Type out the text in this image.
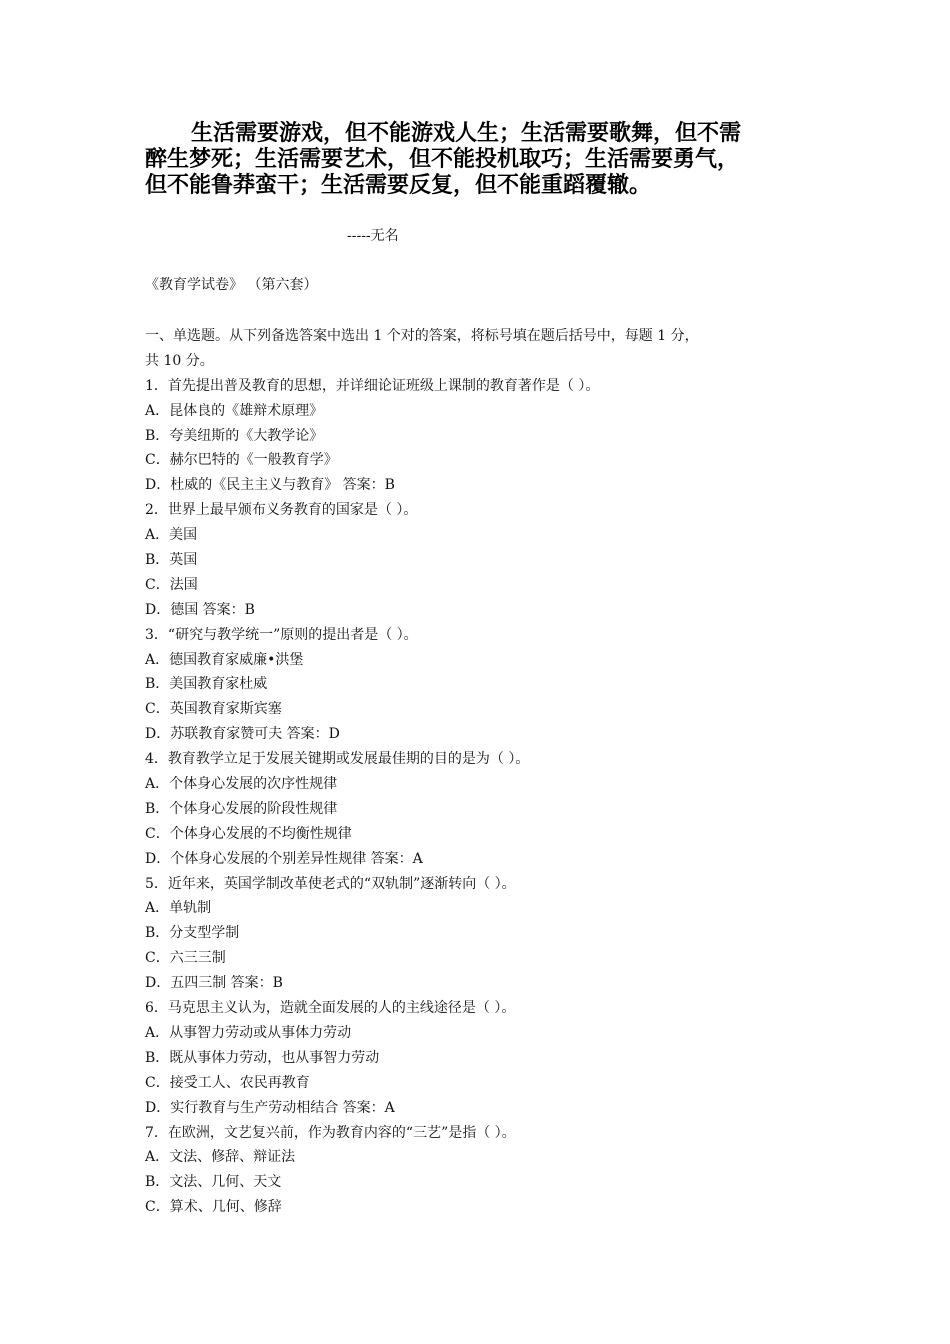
生活需要游戏，但不能游戏人生；生活需要歌舞，但不需
醉生梦死；生活需要艺术，但不能投机取巧；生活需要勇气，
但不能鲁莽蛮干；生活需要反复，但不能重蹈覆辙。
-----无名
《教育学试卷》 （第六套）
一、单选题。从下列备选答案中选出 1 个对的答案，将标号填在题后括号中，每题 1 分，
共 10 分。
1．首先提出普及教育的思想，并详细论证班级上课制的教育著作是（ ）。
A．昆体良的《雄辩术原理》
B．夸美纽斯的《大教学论》
C．赫尔巴特的《一般教育学》
D．杜威的《民主主义与教育》 答案：B
2．世界上最早颁布义务教育的国家是（ ）。
A．美国
B．英国
C．法国
D．德国 答案：B
3．“研究与教学统一”原则的提出者是（ ）。
A．德国教育家威廉•洪堡
B．美国教育家杜威
C．英国教育家斯宾塞
D．苏联教育家赞可夫 答案：D
4．教育教学立足于发展关键期或发展最佳期的目的是为（ ）。
A．个体身心发展的次序性规律
B．个体身心发展的阶段性规律
C．个体身心发展的不均衡性规律
D．个体身心发展的个别差异性规律 答案：A
5．近年来，英国学制改革使老式的“双轨制”逐渐转向（ ）。
A．单轨制
B．分支型学制
C．六三三制
D．五四三制 答案：B
6．马克思主义认为，造就全面发展的人的主线途径是（ ）。
A．从事智力劳动或从事体力劳动
B．既从事体力劳动，也从事智力劳动
C．接受工人、农民再教育
D．实行教育与生产劳动相结合 答案：A
7．在欧洲，文艺复兴前，作为教育内容的“三艺”是指（ ）。
A．文法、修辞、辩证法
B．文法、几何、天文
C．算术、几何、修辞
